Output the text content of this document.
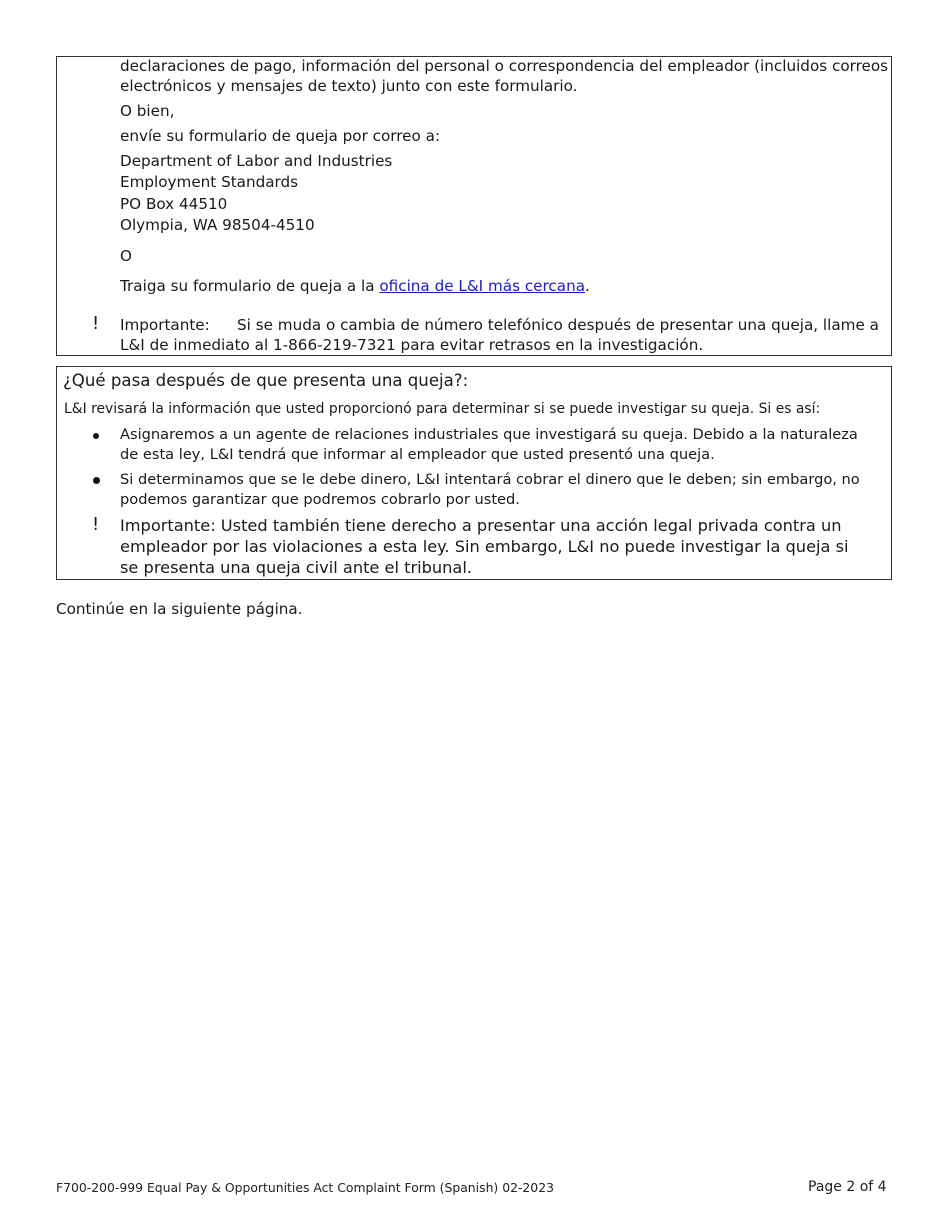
declaraciones de pago, información del personal o correspondencia del empleador (incluidos correos
electrónicos y mensajes de texto) junto con este formulario.
O bien,
envíe su formulario de queja por correo a:
Department of Labor and Industries
Employment Standards
PO Box 44510
Olympia, WA 98504-4510
O
Traiga su formulario de queja a la oficina de L&I más cercana.
! Importante: Si se muda o cambia de número telefónico después de presentar una queja, llame a
L&I de inmediato al 1-866-219-7321 para evitar retrasos en la investigación.
¿Qué pasa después de que presenta una queja?:
L&I revisará la información que usted proporcionó para determinar si se puede investigar su queja. Si es así:
Asignaremos a un agente de relaciones industriales que investigará su queja. Debido a la naturaleza
de esta ley, L&I tendrá que informar al empleador que usted presentó una queja.
Si determinamos que se le debe dinero, L&I intentará cobrar el dinero que le deben; sin embargo, no
podemos garantizar que podremos cobrarlo por usted.
! Importante: Usted también tiene derecho a presentar una acción legal privada contra un
empleador por las violaciones a esta ley. Sin embargo, L&I no puede investigar la queja si
se presenta una queja civil ante el tribunal.
Continúe en la siguiente página.
F700-200-999 Equal Pay & Opportunities Act Complaint Form (Spanish) 02-2023	Page 2 of 4
